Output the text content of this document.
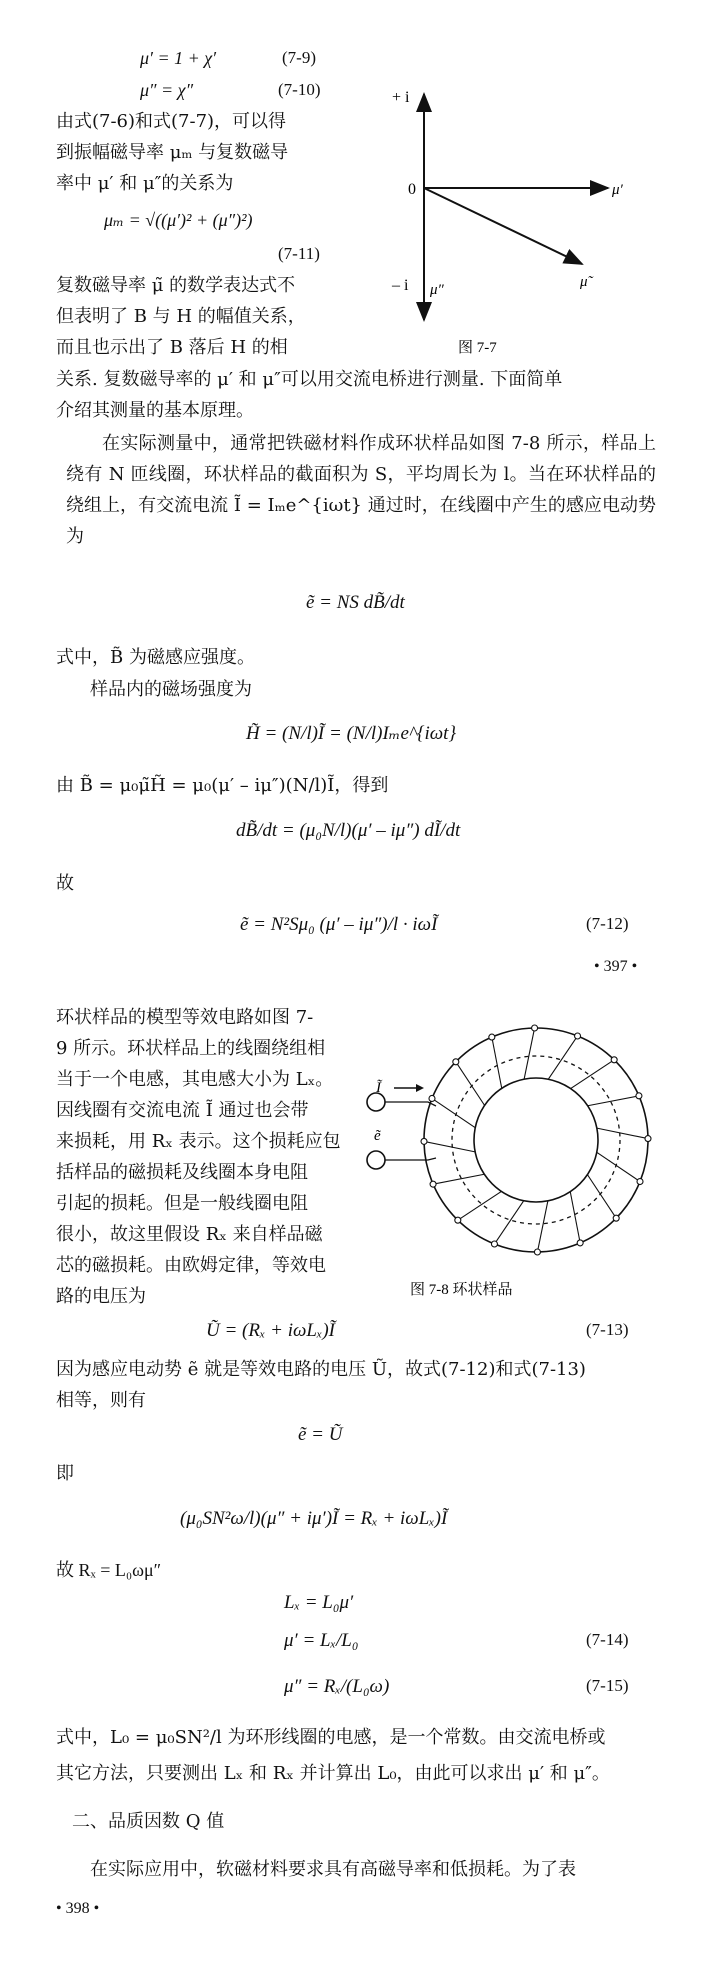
μ′ = 1 + χ′	(7-9)
μ″ = χ″	(7-10)
由式(7-6)和式(7-7)，可以得
到振幅磁导率 μₘ 与复数磁导
率中 μ′ 和 μ″的关系为
μₘ = √((μ′)² + (μ″)²)
(7-11)
复数磁导率 μ̃ 的数学表达式不
但表明了 B 与 H 的幅值关系，
而且也示出了 B 落后 H 的相
关系. 复数磁导率的 μ′ 和 μ″可以用交流电桥进行测量. 下面简单
介绍其测量的基本原理。
+ i
0
– i μ″
μ′
μ̃
图 7-7
在实际测量中，通常把铁磁材料作成环状样品如图 7-8 所示，样品上绕有 N 匝线圈，环状样品的截面积为 S，平均周长为 l。当在环状样品的绕组上，有交流电流 Ĩ = Iₘe^{iωt} 通过时，在线圈中产生的感应电动势为
ẽ = NS dB̃/dt
式中，B̃ 为磁感应强度。
样品内的磁场强度为
H̃ = (N/l)Ĩ = (N/l)Iₘe^{iωt}
由 B̃ = μ₀μ̃H̃ = μ₀(μ′ – iμ″)(N/l)Ĩ，得到
dB̃/dt = (μ₀N/l)(μ′ – iμ″) dĨ/dt
故
ẽ = N²Sμ₀ (μ′ – iμ″)/l · iωĨ	(7-12)
• 397 •
环状样品的模型等效电路如图 7-
9 所示。环状样品上的线圈绕组相
当于一个电感，其电感大小为 Lₓ。
因线圈有交流电流 Ĩ 通过也会带
来损耗，用 Rₓ 表示。这个损耗应包
括样品的磁损耗及线圈本身电阻
引起的损耗。但是一般线圈电阻
很小，故这里假设 Rₓ 来自样品磁
芯的磁损耗。由欧姆定律，等效电
路的电压为
Ĩ
ẽ
图 7-8 环状样品
Ũ = (Rₓ + iωLₓ)Ĩ	(7-13)
因为感应电动势 ẽ 就是等效电路的电压 Ũ，故式(7-12)和式(7-13)
相等，则有
ẽ = Ũ
即
(μ₀SN²ω/l)(μ″ + iμ′)Ĩ = Rₓ + iωLₓ)Ĩ
故 Rₓ = L₀ωμ″
Lₓ = L₀μ′
μ′ = Lₓ/L₀	(7-14)
μ″ = Rₓ/(L₀ω)	(7-15)
式中，L₀ = μ₀SN²/l 为环形线圈的电感，是一个常数。由交流电桥或
其它方法，只要测出 Lₓ 和 Rₓ 并计算出 L₀，由此可以求出 μ′ 和 μ″。
二、品质因数 Q 值
在实际应用中，软磁材料要求具有高磁导率和低损耗。为了表
• 398 •
